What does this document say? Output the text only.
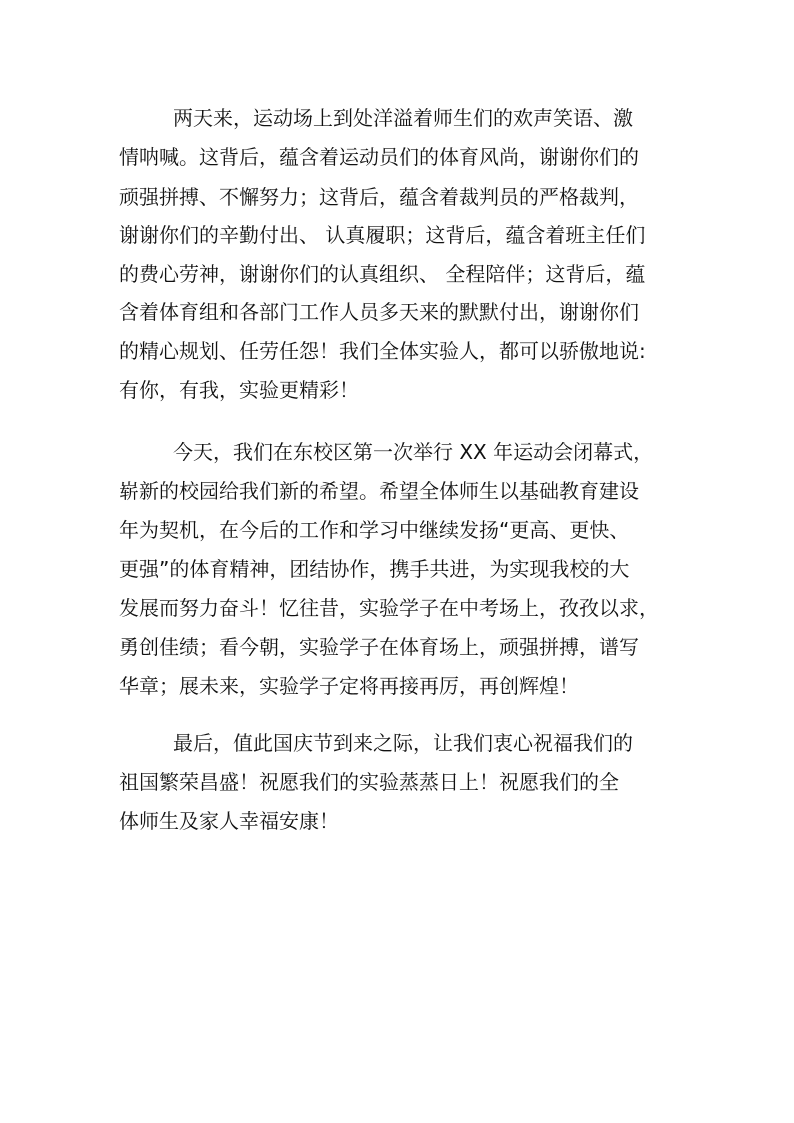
两天来，运动场上到处洋溢着师生们的欢声笑语、激
情呐喊。这背后，蕴含着运动员们的体育风尚，谢谢你们的
顽强拼搏、不懈努力；这背后，蕴含着裁判员的严格裁判，
谢谢你们的辛勤付出、 认真履职；这背后，蕴含着班主任们
的费心劳神，谢谢你们的认真组织、 全程陪伴；这背后，蕴
含着体育组和各部门工作人员多天来的默默付出，谢谢你们
的精心规划、任劳任怨！我们全体实验人，都可以骄傲地说:
有你，有我，实验更精彩！
今天，我们在东校区第一次举行 XX 年运动会闭幕式，
崭新的校园给我们新的希望。希望全体师生以基础教育建设
年为契机，在今后的工作和学习中继续发扬“更高、更快、
更强”的体育精神，团结协作，携手共进，为实现我校的大
发展而努力奋斗！忆往昔，实验学子在中考场上，孜孜以求，
勇创佳绩；看今朝，实验学子在体育场上，顽强拼搏，谱写
华章；展未来，实验学子定将再接再厉，再创辉煌！
最后，值此国庆节到来之际，让我们衷心祝福我们的
祖国繁荣昌盛！祝愿我们的实验蒸蒸日上！祝愿我们的全
体师生及家人幸福安康！
